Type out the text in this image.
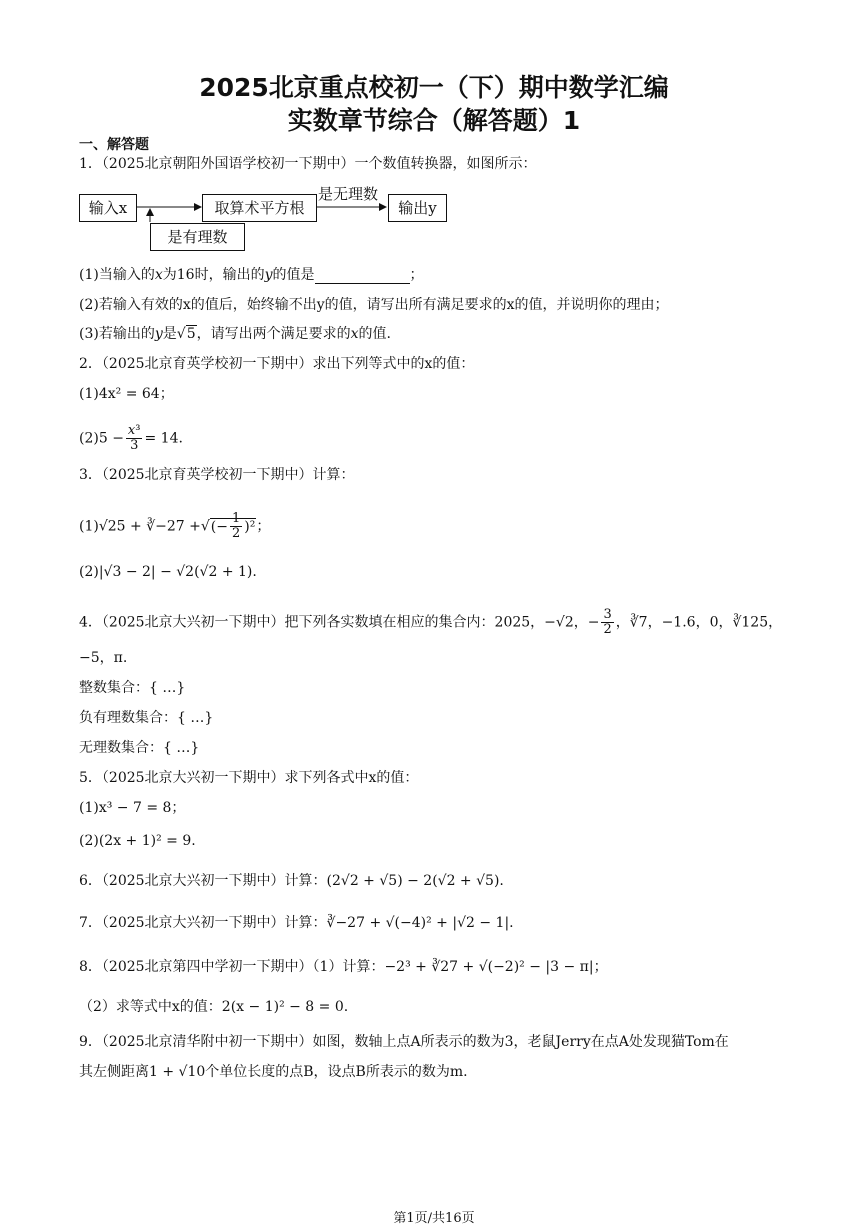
2025北京重点校初一（下）期中数学汇编
实数章节综合（解答题）1
一、解答题
1．（2025北京朝阳外国语学校初一下期中）一个数值转换器，如图所示：
输入x	取算术平方根	输出y
是有理数
是无理数
(1)当输入的x为16时，输出的y的值是	；
(2)若输入有效的x的值后，始终输不出y的值，请写出所有满足要求的x的值，并说明你的理由；
(3)若输出的y是√5，请写出两个满足要求的x的值.
2．（2025北京育英学校初一下期中）求出下列等式中的x的值：
(1)4x² = 64；
$(2)5 - \frac{\text{x³}}{3} = 14$.
3．（2025北京育英学校初一下期中）计算：
(1)√25 + ∛−27 +√(− $\frac{1}{2} )^2$；
(2)|√3 − 2| − √2(√2 + 1).
4．（2025北京大兴初一下期中）把下列各实数填在相应的集合内：2025，−√2，− $\frac{3}{2}$ ，∛7，−1.6，0，∛125，
−5，π.
整数集合：{ …}
负有理数集合：{ …}
无理数集合：{ …}
5．（2025北京大兴初一下期中）求下列各式中x的值：
(1)x³ − 7 = 8；
(2)(2x + 1)² = 9.
6．（2025北京大兴初一下期中）计算：(2√2 + √5) − 2(√2 + √5).
7．（2025北京大兴初一下期中）计算：∛−27 + √(−4)² + |√2 − 1|.
8．（2025北京第四中学初一下期中）（1）计算：−2³ + ∛27 + √(−2)² − |3 − π|；
（2）求等式中x的值：2(x − 1)² − 8 = 0.
9．（2025北京清华附中初一下期中）如图，数轴上点A所表示的数为3，老鼠Jerry在点A处发现猫Tom在
其左侧距离1 + √10个单位长度的点B，设点B所表示的数为m.
第1页/共16页
